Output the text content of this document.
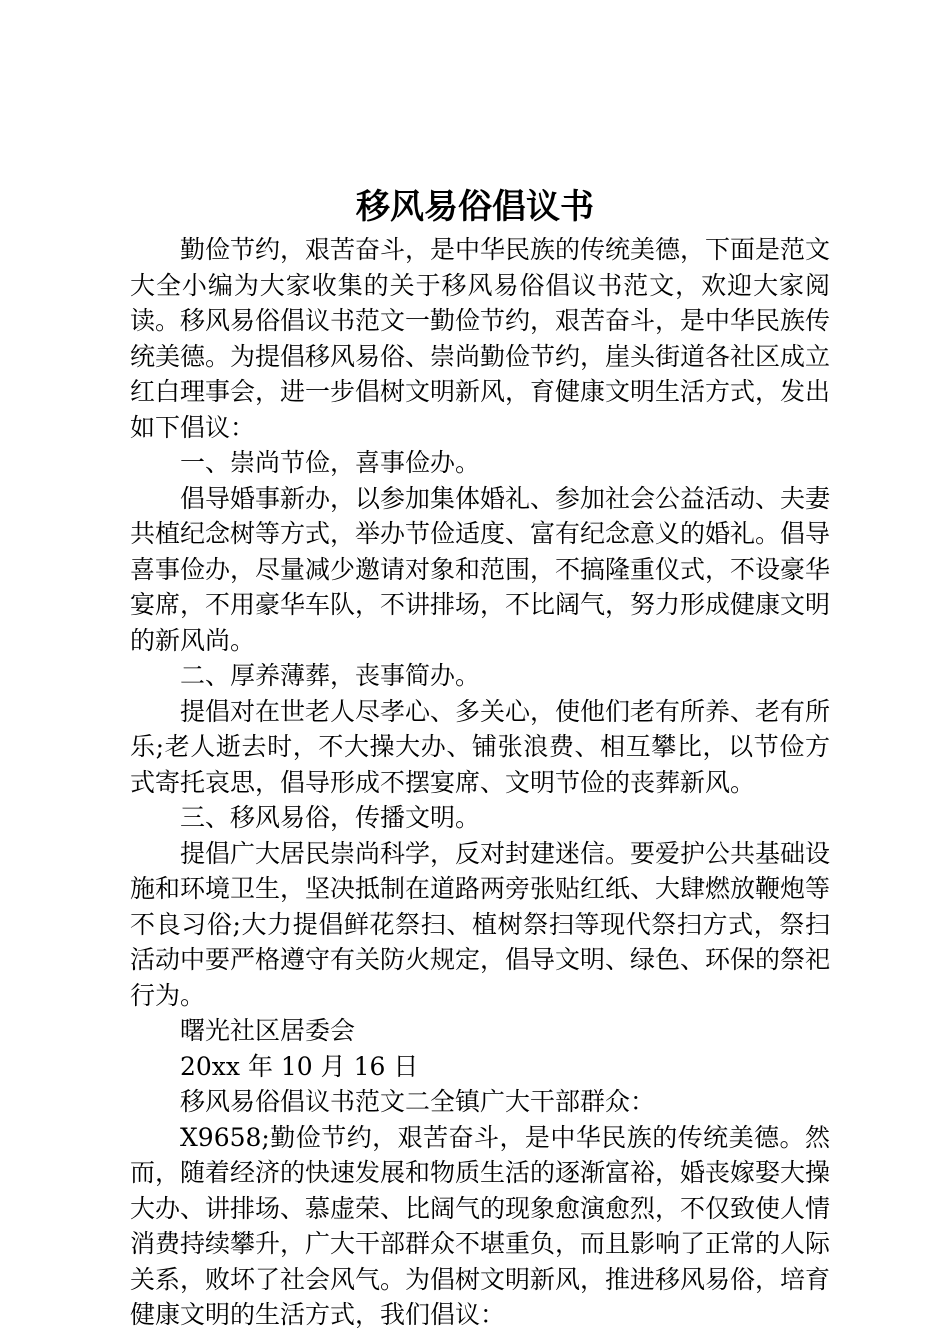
移风易俗倡议书

勤俭节约，艰苦奋斗，是中华民族的传统美德，下面是范文大全小编为大家收集的关于移风易俗倡议书范文，欢迎大家阅读。移风易俗倡议书范文一勤俭节约，艰苦奋斗，是中华民族传统美德。为提倡移风易俗、崇尚勤俭节约，崖头街道各社区成立红白理事会，进一步倡树文明新风，育健康文明生活方式，发出如下倡议：

一、崇尚节俭，喜事俭办。

倡导婚事新办，以参加集体婚礼、参加社会公益活动、夫妻共植纪念树等方式，举办节俭适度、富有纪念意义的婚礼。倡导喜事俭办，尽量减少邀请对象和范围，不搞隆重仪式，不设豪华宴席，不用豪华车队，不讲排场，不比阔气，努力形成健康文明的新风尚。

二、厚养薄葬，丧事简办。

提倡对在世老人尽孝心、多关心，使他们老有所养、老有所乐;老人逝去时，不大操大办、铺张浪费、相互攀比，以节俭方式寄托哀思，倡导形成不摆宴席、文明节俭的丧葬新风。

三、移风易俗，传播文明。

提倡广大居民崇尚科学，反对封建迷信。要爱护公共基础设施和环境卫生，坚决抵制在道路两旁张贴红纸、大肆燃放鞭炮等不良习俗;大力提倡鲜花祭扫、植树祭扫等现代祭扫方式，祭扫活动中要严格遵守有关防火规定，倡导文明、绿色、环保的祭祀行为。

曙光社区居委会

20xx 年 10 月 16 日

移风易俗倡议书范文二全镇广大干部群众：

X9658;勤俭节约，艰苦奋斗，是中华民族的传统美德。然而，随着经济的快速发展和物质生活的逐渐富裕，婚丧嫁娶大操大办、讲排场、慕虚荣、比阔气的现象愈演愈烈，不仅致使人情消费持续攀升，广大干部群众不堪重负，而且影响了正常的人际关系，败坏了社会风气。为倡树文明新风，推进移风易俗，培育健康文明的生活方式，我们倡议：
